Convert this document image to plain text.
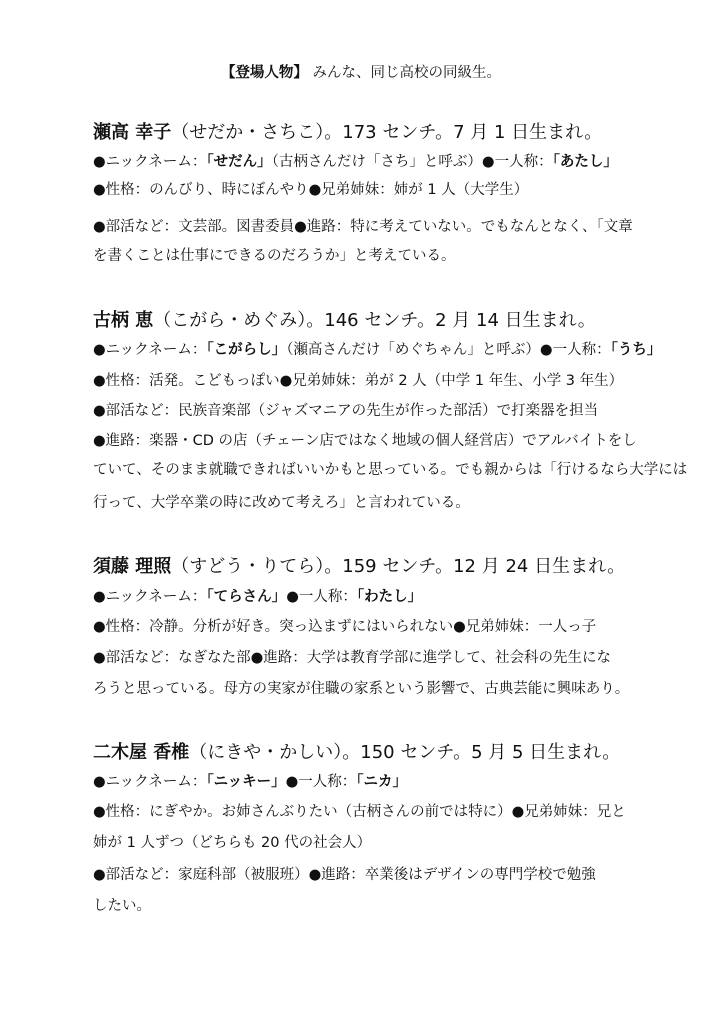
【登場人物】 みんな、同じ高校の同級生。
瀬高 幸子（せだか・さちこ）。173 センチ。7 月 1 日生まれ。
●ニックネーム：「せだん」（古柄さんだけ「さち」と呼ぶ）●一人称：「あたし」
●性格：のんびり、時にぼんやり●兄弟姉妹：姉が 1 人（大学生）
●部活など：文芸部。図書委員●進路：特に考えていない。でもなんとなく、「文章
を書くことは仕事にできるのだろうか」と考えている。
古柄 恵（こがら・めぐみ）。146 センチ。2 月 14 日生まれ。
●ニックネーム：「こがらし」（瀬高さんだけ「めぐちゃん」と呼ぶ）●一人称：「うち」
●性格：活発。こどもっぽい●兄弟姉妹：弟が 2 人（中学 1 年生、小学 3 年生）
●部活など：民族音楽部（ジャズマニアの先生が作った部活）で打楽器を担当
●進路：楽器・CD の店（チェーン店ではなく地域の個人経営店）でアルバイトをし
ていて、そのまま就職できればいいかもと思っている。でも親からは「行けるなら大学には
行って、大学卒業の時に改めて考えろ」と言われている。
須藤 理照（すどう・りてら）。159 センチ。12 月 24 日生まれ。
●ニックネーム：「てらさん」●一人称：「わたし」
●性格：冷静。分析が好き。突っ込まずにはいられない●兄弟姉妹：一人っ子
●部活など：なぎなた部●進路：大学は教育学部に進学して、社会科の先生にな
ろうと思っている。母方の実家が住職の家系という影響で、古典芸能に興味あり。
二木屋 香椎（にきや・かしい）。150 センチ。5 月 5 日生まれ。
●ニックネーム：「ニッキー」●一人称：「ニカ」
●性格：にぎやか。お姉さんぶりたい（古柄さんの前では特に）●兄弟姉妹：兄と
姉が 1 人ずつ（どちらも 20 代の社会人）
●部活など：家庭科部（被服班）●進路：卒業後はデザインの専門学校で勉強
したい。
